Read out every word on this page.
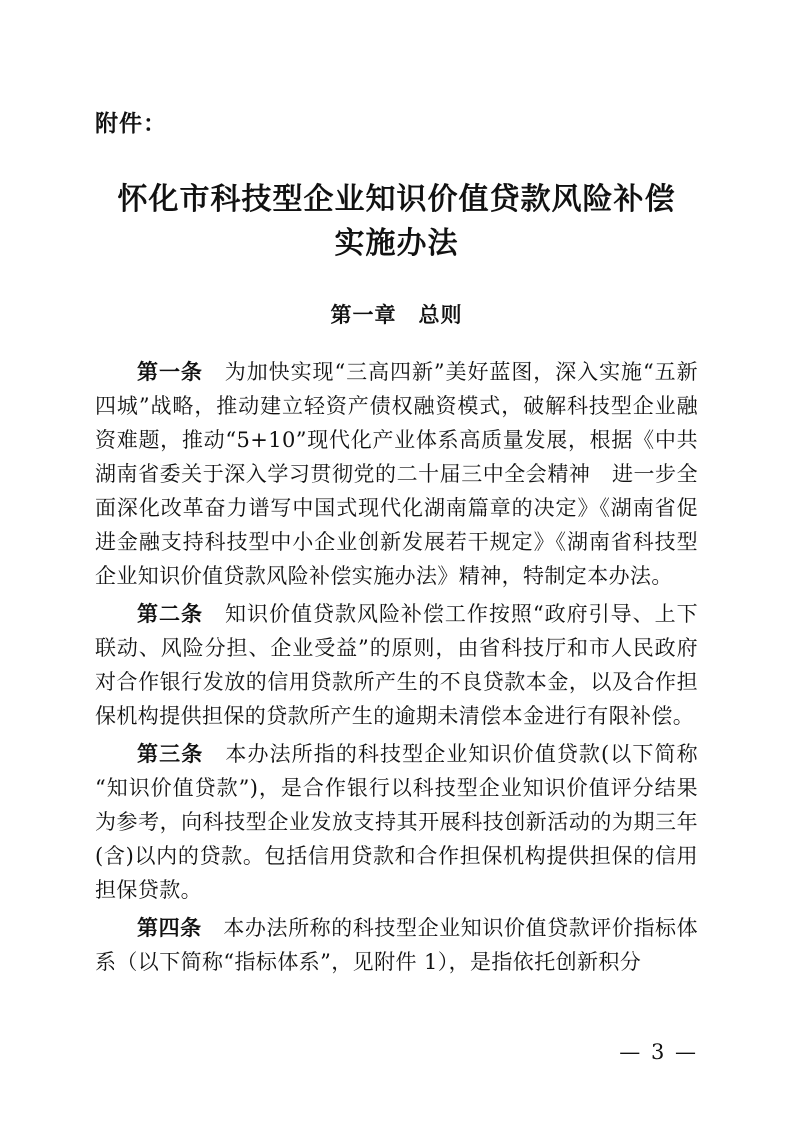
附件：
怀化市科技型企业知识价值贷款风险补偿实施办法
第一章　总则

第一条　为加快实现“三高四新”美好蓝图，深入实施“五新四城”战略，推动建立轻资产债权融资模式，破解科技型企业融资难题，推动“5+10”现代化产业体系高质量发展，根据《中共湖南省委关于深入学习贯彻党的二十届三中全会精神　进一步全面深化改革奋力谱写中国式现代化湖南篇章的决定》《湖南省促进金融支持科技型中小企业创新发展若干规定》《湖南省科技型企业知识价值贷款风险补偿实施办法》精神，特制定本办法。

第二条　知识价值贷款风险补偿工作按照“政府引导、上下联动、风险分担、企业受益”的原则，由省科技厅和市人民政府对合作银行发放的信用贷款所产生的不良贷款本金，以及合作担保机构提供担保的贷款所产生的逾期未清偿本金进行有限补偿。

第三条　本办法所指的科技型企业知识价值贷款(以下简称“知识价值贷款”)，是合作银行以科技型企业知识价值评分结果为参考，向科技型企业发放支持其开展科技创新活动的为期三年(含)以内的贷款。包括信用贷款和合作担保机构提供担保的信用担保贷款。

第四条　本办法所称的科技型企业知识价值贷款评价指标体系（以下简称“指标体系”，见附件 1），是指依托创新积分

— 3 —
